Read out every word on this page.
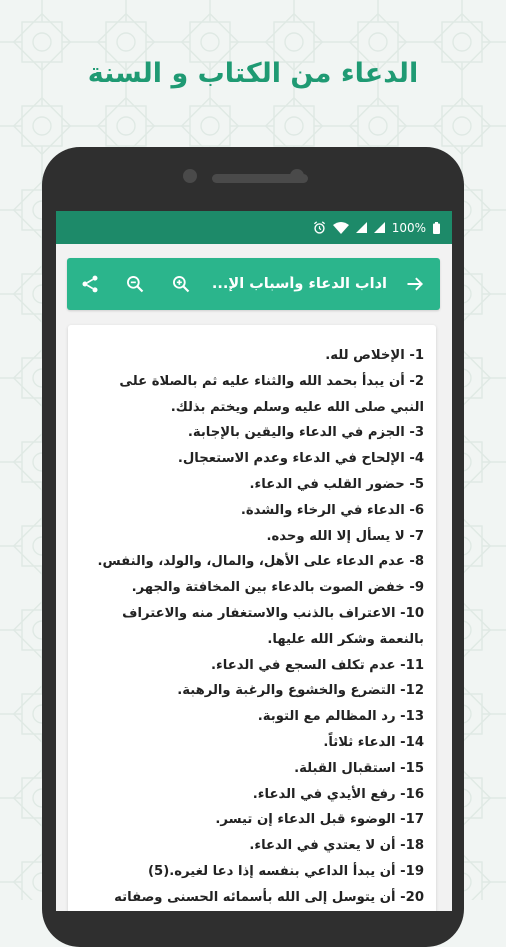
الدعاء من الكتاب و السنة
100%
آداب الدعاء وأسباب الإ...
1- الإخلاص لله.
2- أن يبدأ بحمد الله والثناء عليه ثم بالصلاة على
النبي صلى الله عليه وسلم ويختم بذلك.
3- الجزم في الدعاء واليقين بالإجابة.
4- الإلحاح في الدعاء وعدم الاستعجال.
5- حضور القلب في الدعاء.
6- الدعاء في الرخاء والشدة.
7- لا يسأل إلا الله وحده.
8- عدم الدعاء على الأهل، والمال، والولد، والنفس.
9- خفض الصوت بالدعاء بين المخافتة والجهر.
10- الاعتراف بالذنب والاستغفار منه والاعتراف
بالنعمة وشكر الله عليها.
11- عدم تكلف السجع في الدعاء.
12- التضرع والخشوع والرغبة والرهبة.
13- رد المظالم مع التوبة.
14- الدعاء ثلاثاً.
15- استقبال القبلة.
16- رفع الأيدي في الدعاء.
17- الوضوء قبل الدعاء إن تيسر.
18- أن لا يعتدي في الدعاء.
19- أن يبدأ الداعي بنفسه إذا دعا لغيره.(5)
20- أن يتوسل إلى الله بأسمائه الحسنى وصفاته
